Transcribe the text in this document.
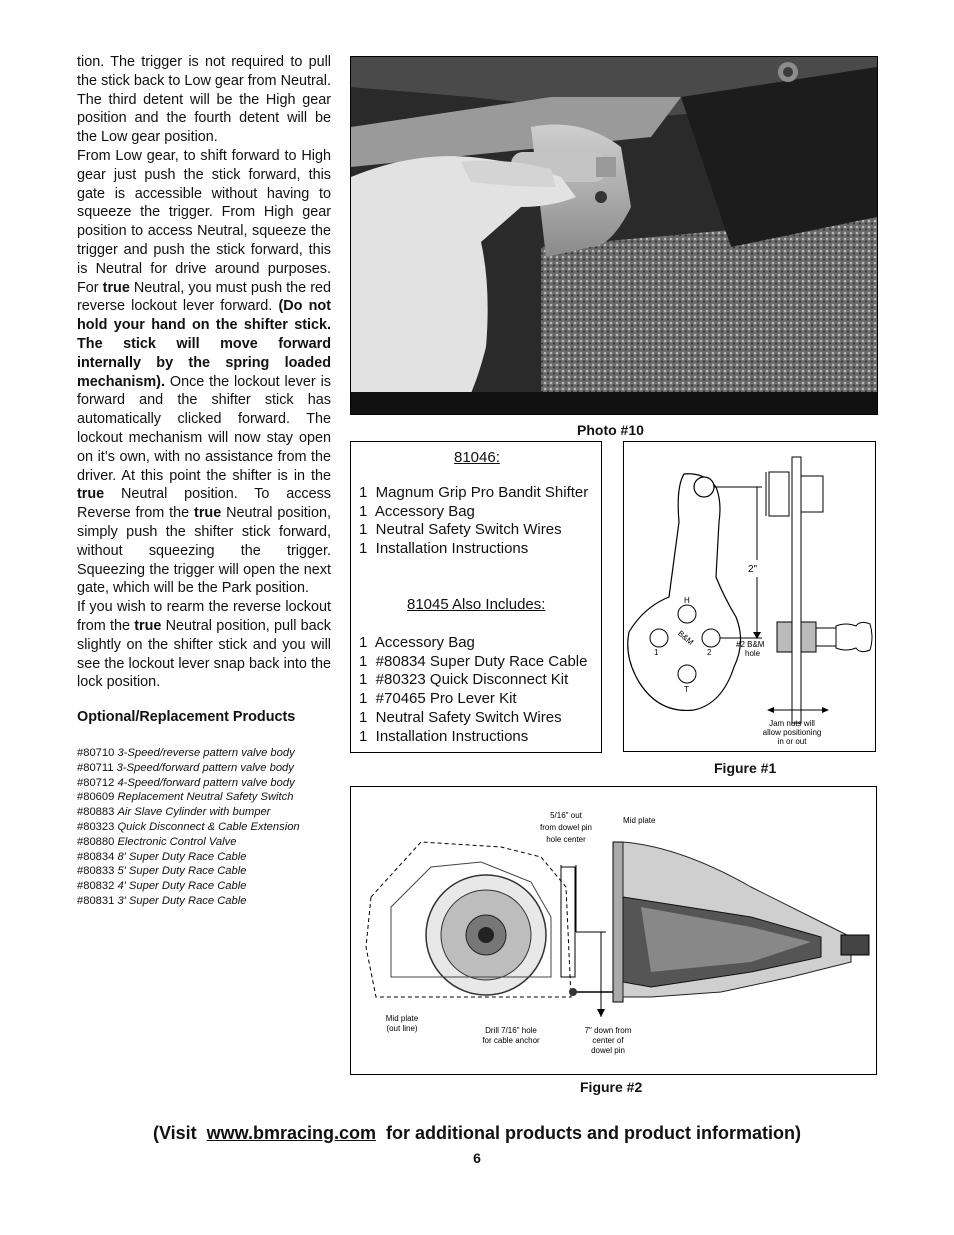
tion. The trigger is not required to pull the stick back to Low gear from Neutral. The third detent will be the High gear position and the fourth detent will be the Low gear position.

From Low gear, to shift forward to High gear just push the stick forward, this gate is accessible without having to squeeze the trigger. From High gear position to access Neutral, squeeze the trigger and push the stick forward, this is Neutral for drive around purposes. For true Neutral, you must push the red reverse lockout lever forward. (Do not hold your hand on the shifter stick. The stick will move forward internally by the spring loaded mechanism). Once the lockout lever is forward and the shifter stick has automatically clicked forward. The lockout mechanism will now stay open on it’s own, with no assistance from the driver. At this point the shifter is in the true Neutral position. To access Reverse from the true Neutral position, simply push the shifter stick forward, without squeezing the trigger. Squeezing the trigger will open the next gate, which will be the Park position.

If you wish to rearm the reverse lockout from the true Neutral position, pull back slightly on the shifter stick and you will see the lockout lever snap back into the lock position.

Optional/Replacement Products
#80710 3-Speed/reverse pattern valve body
#80711 3-Speed/forward pattern valve body
#80712 4-Speed/forward pattern valve body
#80609 Replacement Neutral Safety Switch
#80883 Air Slave Cylinder with bumper
#80323 Quick Disconnect & Cable Extension
#80880 Electronic Control Valve
#80834 8' Super Duty Race Cable
#80833 5' Super Duty Race Cable
#80832 4' Super Duty Race Cable
#80831 3' Super Duty Race Cable
Photo #10
81046:
1  Magnum Grip Pro Bandit Shifter
1  Accessory Bag
1  Neutral Safety Switch Wires
1  Installation Instructions
81045 Also Includes:
1  Accessory Bag
1  #80834 Super Duty Race Cable
1  #80323 Quick Disconnect Kit
1  #70465 Pro Lever Kit
1  Neutral Safety Switch Wires
1  Installation Instructions
H
1	2
T
B&M
2"
#2 B&M
hole
Jam nuts will
allow positioning
in or out
Figure #1
5/16" out
from dowel pin
hole center
Mid plate
Mid plate
(out line)	Drill 7/16" hole
for cable anchor
7" down from
center of
dowel pin
Figure #2
(Visit  www.bmracing.com  for additional products and product information)
6
